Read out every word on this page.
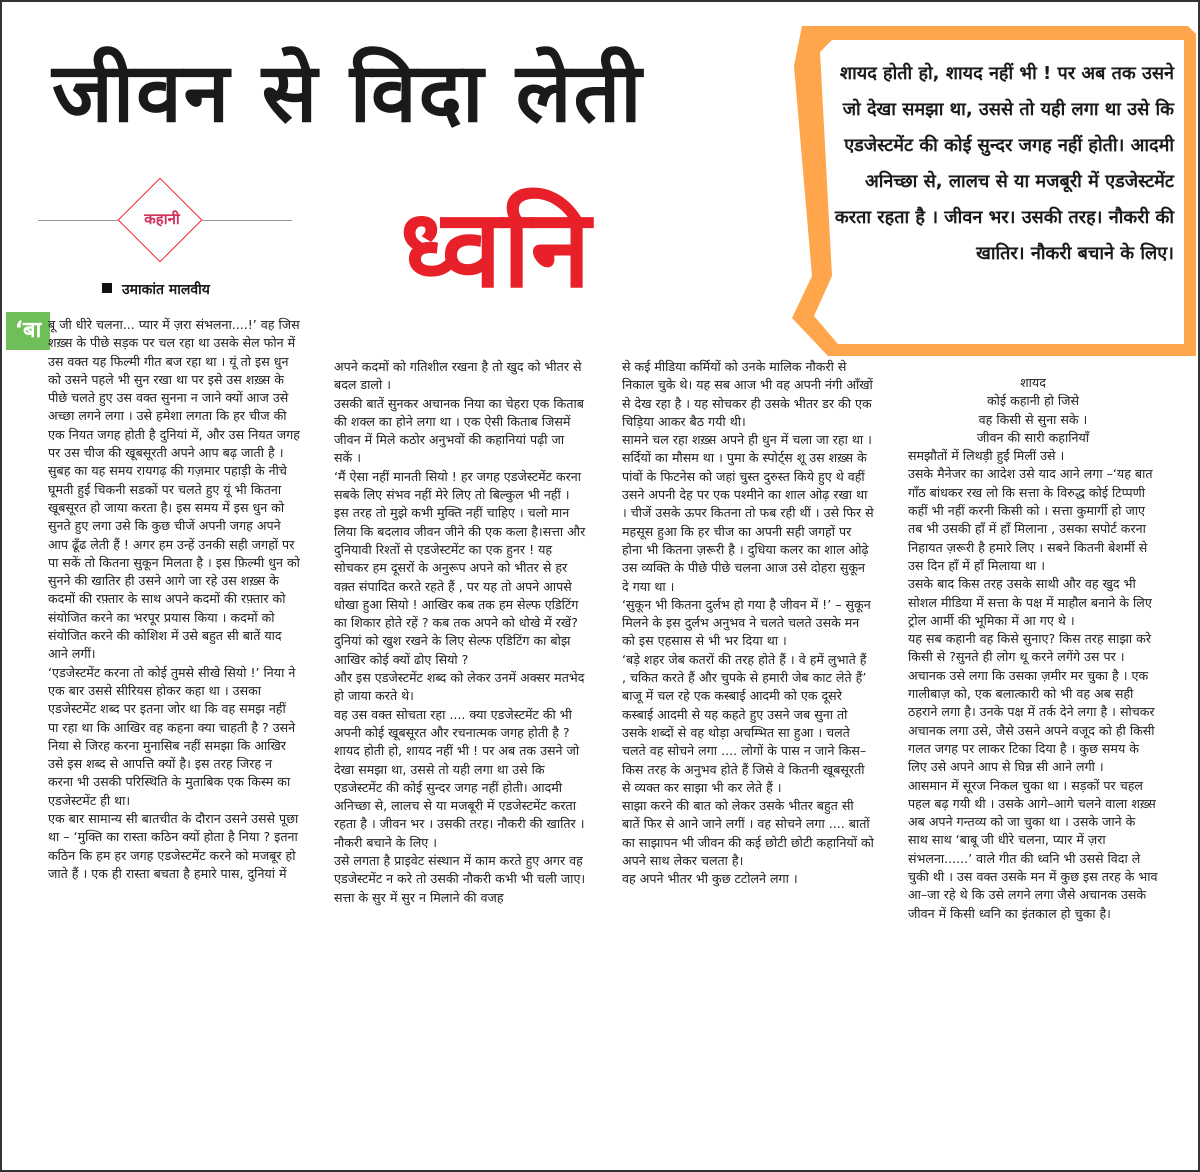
जीवन से विदा लेती
ध्वनि
कहानी
उमाकांत मालवीय
शायद होती हो, शायद नहीं भी ! पर अब तक उसने जो देखा समझा था, उससे तो यही लगा था उसे कि एडजेस्टमेंट की कोई सुन्दर जगह नहीं होती। आदमी अनिच्छा से, लालच से या मजबूरी में एडजेस्टमेंट करता रहता है । जीवन भर। उसकी तरह। नौकरी की खातिर। नौकरी बचाने के लिए।
‘बा बू जी धीरे चलना... प्यार में ज़रा संभलना....!’ वह जिस शख़्स के पीछे सड़क पर चल रहा था उसके सेल फोन में उस वक्त यह फिल्मी गीत बज रहा था । यूं तो इस धुन को उसने पहले भी सुन रखा था पर इसे उस शख़्स के पीछे चलते हुए उस वक्त सुनना न जाने क्यों आज उसे अच्छा लगने लगा । उसे हमेशा लगता कि हर चीज की एक नियत जगह होती है दुनियां में, और उस नियत जगह पर उस चीज की खूबसूरती अपने आप बढ़ जाती है । सुबह का यह समय रायगढ़ की गज़मार पहाड़ी के नीचे घूमती हुई चिकनी सडकों पर चलते हुए यूं भी कितना खूबसूरत हो जाया करता है। इस समय में इस धुन को सुनते हुए लगा उसे कि कुछ चीजें अपनी जगह अपने आप ढूँढ लेती हैं ! अगर हम उन्हें उनकी सही जगहों पर पा सकें तो कितना सुकून मिलता है । इस फ़िल्मी धुन को सुनने की खातिर ही उसने आगे जा रहे उस शख़्स के कदमों की रफ़्तार के साथ अपने कदमों की रफ़्तार को संयोजित करने का भरपूर प्रयास किया । कदमों को संयोजित करने की कोशिश में उसे बहुत सी बातें याद आने लगीं।
‘एडजेस्टमेंट करना तो कोई तुमसे सीखे सियो !’ निया ने एक बार उससे सीरियस होकर कहा था । उसका एडजेस्टमेंट शब्द पर इतना जोर था कि वह समझ नहीं पा रहा था कि आखिर वह कहना क्या चाहती है ? उसने निया से जिरह करना मुनासिब नहीं समझा कि आखिर उसे इस शब्द से आपत्ति क्यों है। इस तरह जिरह न करना भी उसकी परिस्थिति के मुताबिक एक किस्म का एडजेस्टमेंट ही था।
एक बार सामान्य सी बातचीत के दौरान उसने उससे पूछा था – ‘मुक्ति का रास्ता कठिन क्यों होता है निया ? इतना कठिन कि हम हर जगह एडजेस्टमेंट करने को मजबूर हो जाते हैं । एक ही रास्ता बचता है हमारे पास, दुनियां में

अपने कदमों को गतिशील रखना है तो खुद को भीतर से बदल डालो ।
उसकी बातें सुनकर अचानक निया का चेहरा एक किताब की शक्ल का होने लगा था । एक ऐसी किताब जिसमें जीवन में मिले कठोर अनुभवों की कहानियां पढ़ी जा सकें ।
‘मैं ऐसा नहीं मानती सियो ! हर जगह एडजेस्टमेंट करना सबके लिए संभव नहीं मेरे लिए तो बिल्कुल भी नहीं ।
इस तरह तो मुझे कभी मुक्ति नहीं चाहिए । चलो मान लिया कि बदलाव जीवन जीने की एक कला है।सत्ता और दुनियावी रिश्तों से एडजेस्टमेंट का एक हुनर ! यह सोचकर हम दूसरों के अनुरूप अपने को भीतर से हर वक़्त संपादित करते रहते हैं , पर यह तो अपने आपसे धोखा हुआ सियो ! आखिर कब तक हम सेल्फ एडिटिंग का शिकार होते रहें ? कब तक अपने को धोखे में रखें? दुनियां को खुश रखने के लिए सेल्फ एडिटिंग का बोझ आखिर कोई क्यों ढोए सियो ?
और इस एडजेस्टमेंट शब्द को लेकर उनमें अक्सर मतभेद हो जाया करते थे।
वह उस वक्त सोचता रहा .... क्या एडजेस्टमेंट की भी अपनी कोई खूबसूरत और रचनात्मक जगह होती है ?
शायद होती हो, शायद नहीं भी ! पर अब तक उसने जो देखा समझा था, उससे तो यही लगा था उसे कि एडजेस्टमेंट की कोई सुन्दर जगह नहीं होती। आदमी अनिच्छा से, लालच से या मजबूरी में एडजेस्टमेंट करता रहता है । जीवन भर । उसकी तरह। नौकरी की खातिर । नौकरी बचाने के लिए ।
उसे लगता है प्राइवेट संस्थान में काम करते हुए अगर वह एडजेस्टमेंट न करे तो उसकी नौकरी कभी भी चली जाए।
सत्ता के सुर में सुर न मिलाने की वजह

से कई मीडिया कर्मियों को उनके मालिक नौकरी से निकाल चुके थे। यह सब आज भी वह अपनी नंगी आँखों से देख रहा है । यह सोचकर ही उसके भीतर डर की एक चिड़िया आकर बैठ गयी थी।
सामने चल रहा शख़्स अपने ही धुन में चला जा रहा था । सर्दियों का मौसम था । पुमा के स्पोर्ट्स शू उस शख़्स के पांवों के फिटनेस को जहां चुस्त दुरुस्त किये हुए थे वहीं उसने अपनी देह पर एक पश्मीने का शाल ओढ़ रखा था । चीजें उसके ऊपर कितना तो फब रही थीं । उसे फिर से महसूस हुआ कि हर चीज का अपनी सही जगहों पर होना भी कितना ज़रूरी है । दुधिया कलर का शाल ओढ़े उस व्यक्ति के पीछे पीछे चलना आज उसे दोहरा सुकून दे गया था ।
‘सुकून भी कितना दुर्लभ हो गया है जीवन में !’ – सुकून मिलने के इस दुर्लभ अनुभव ने चलते चलते उसके मन को इस एहसास से भी भर दिया था ।
‘बड़े शहर जेब कतरों की तरह होते हैं । वे हमें लुभाते हैं , चकित करते हैं और चुपके से हमारी जेब काट लेते हैं’ बाजू में चल रहे एक कस्बाई आदमी को एक दूसरे कस्बाई आदमी से यह कहते हुए उसने जब सुना तो उसके शब्दों से वह थोड़ा अचम्भित सा हुआ । चलते चलते वह सोचने लगा .... लोगों के पास न जाने किस–किस तरह के अनुभव होते हैं जिसे वे कितनी खूबसूरती से व्यक्त कर साझा भी कर लेते हैं ।
साझा करने की बात को लेकर उसके भीतर बहुत सी बातें फिर से आने जाने लगीं । वह सोचने लगा .... बातों का साझापन भी जीवन की कई छोटी छोटी कहानियों को अपने साथ लेकर चलता है।
वह अपने भीतर भी कुछ टटोलने लगा ।

शायद
कोई कहानी हो जिसे
वह किसी से सुना सके ।
जीवन की सारी कहानियाँ

समझौतों में लिथड़ी हुईं मिलीं उसे ।
उसके मैनेजर का आदेश उसे याद आने लगा –‘यह बात गाँठ बांधकर रख लो कि सत्ता के विरुद्ध कोई टिप्पणी कहीं भी नहीं करनी किसी को । सत्ता कुमार्गी हो जाए तब भी उसकी हाँ में हाँ मिलाना , उसका सपोर्ट करना निहायत ज़रूरी है हमारे लिए । सबने कितनी बेशर्मी से उस दिन हाँ में हाँ मिलाया था ।
उसके बाद किस तरह उसके साथी और वह खुद भी सोशल मीडिया में सत्ता के पक्ष में माहौल बनाने के लिए ट्रोल आर्मी की भूमिका में आ गए थे ।
यह सब कहानी वह किसे सुनाए? किस तरह साझा करे किसी से ?सुनते ही लोग थू करने लगेंगे उस पर । अचानक उसे लगा कि उसका ज़मीर मर चुका है । एक गालीबाज़ को, एक बलात्कारी को भी वह अब सही ठहराने लगा है। उनके पक्ष में तर्क देने लगा है । सोचकर अचानक लगा उसे, जैसे उसने अपने वजूद को ही किसी गलत जगह पर लाकर टिका दिया है । कुछ समय के लिए उसे अपने आप से घिन्न सी आने लगी ।
आसमान में सूरज निकल चुका था । सड़कों पर चहल पहल बढ़ गयी थी । उसके आगे–आगे चलने वाला शख़्स अब अपने गन्तव्य को जा चुका था । उसके जाने के साथ साथ ‘बाबू जी धीरे चलना, प्यार में ज़रा संभलना......’ वाले गीत की ध्वनि भी उससे विदा ले चुकी थी । उस वक्त उसके मन में कुछ इस तरह के भाव आ–जा रहे थे कि उसे लगने लगा जैसे अचानक उसके जीवन में किसी ध्वनि का इंतकाल हो चुका है।
